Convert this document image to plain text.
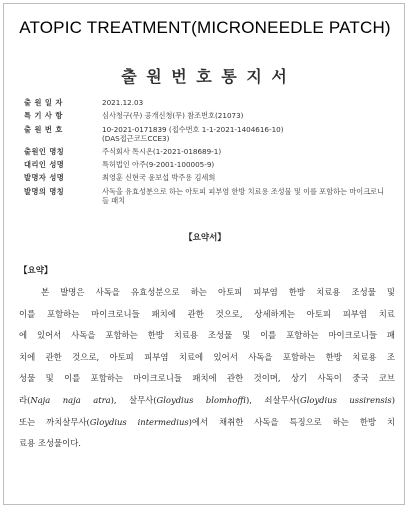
ATOPIC TREATMENT(MICRONEEDLE PATCH)
출 원 번 호 통 지 서
출 원 일 자	2021.12.03
특 기 사 항	심사청구(무) 공개신청(무) 참조번호(21073)
출 원 번 호	10-2021-0171839 (접수번호 1-1-2021-1404616-10)
(DAS접근코드CCE3)
출원인 명칭	주식회사 톡시온(1-2021-018689-1)
대리인 성명	특허법인 아주(9-2001-100005-9)
발명자 성명	최영훈 신현국 윤보섭 박주용 김세희
발명의 명칭	사독을 유효성분으로 하는 아토피 피부염 한방 치료용 조성물 및 이를 포함하는 마이크로니
들 패치
【요약서】
【요약】
본 발명은 사독을 유효성분으로 하는 아토피 피부염 한방 치료용 조성물 및
이를 포함하는 마이크로니들 패치에 관한 것으로, 상세하게는 아토피 피부염 치료
에 있어서 사독을 포함하는 한방 치료용 조성물 및 이를 포함하는 마이크로니들 패
치에 관한 것으로, 아토피 피부염 치료에 있어서 사독을 포함하는 한방 치료용 조
성물 및 이를 포함하는 마이크로니들 패치에 관한 것이며, 상기 사독이 중국 코브
라(Naja naja atra), 살무사(Gloydius blomhoffi), 쇠살무사(Gloydius ussirensis)
또는 까치살무사(Gloydius intermedius)에서 채취한 사독을 특징으로 하는 한방 치
료용 조성물이다.
